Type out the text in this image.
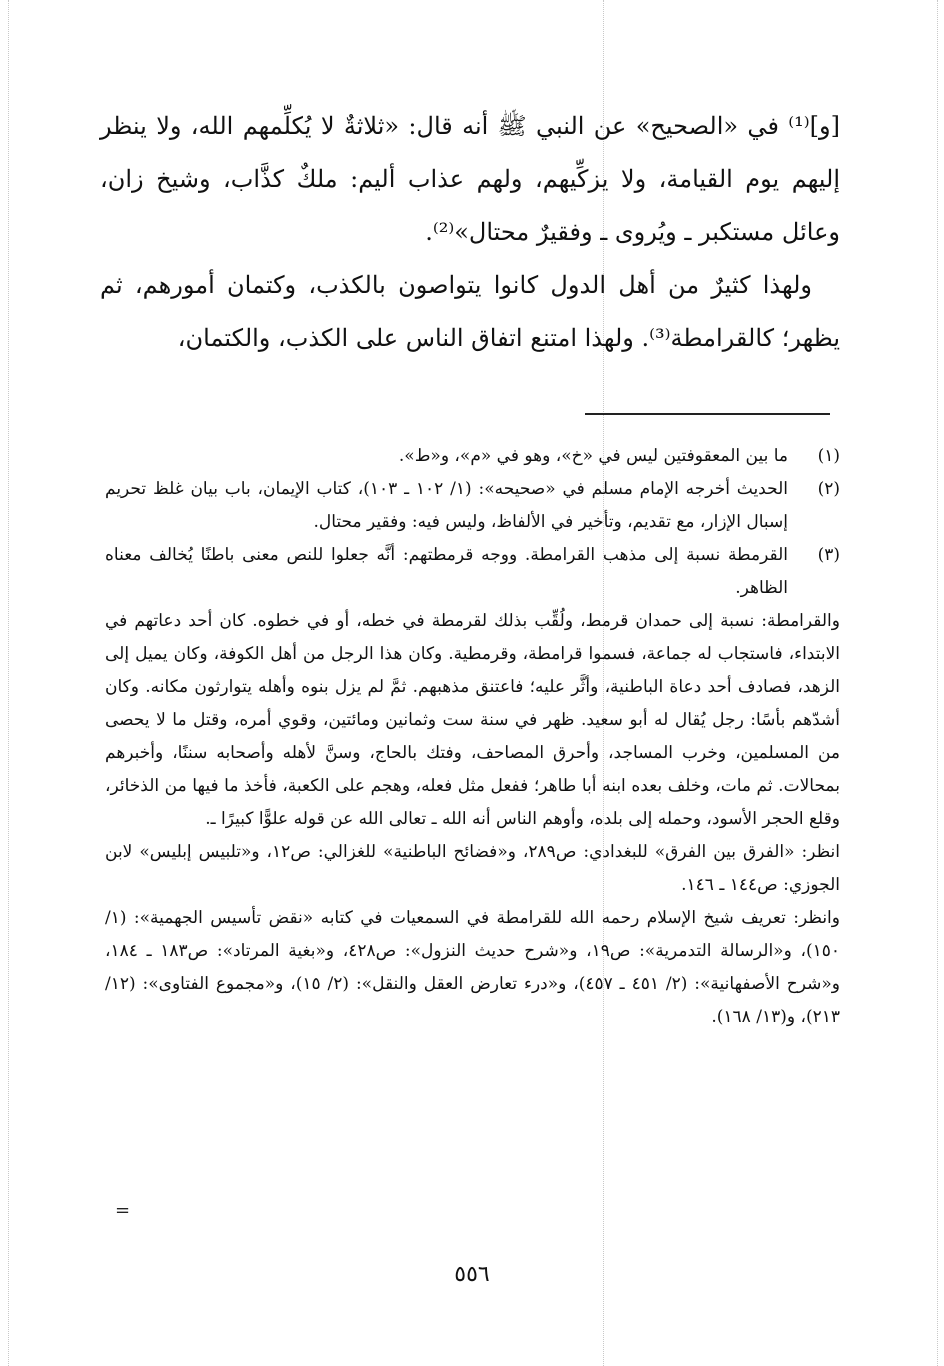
[و]⁽¹⁾ في «الصحيح» عن النبي ﷺ أنه قال: «ثلاثةٌ لا يُكلِّمهم الله، ولا ينظر إليهم يوم القيامة، ولا يزكِّيهم، ولهم عذاب أليم: ملكٌ كذَّاب، وشيخ زان، وعائل مستكبر ـ ويُروى ـ وفقيرٌ محتال»⁽²⁾.

ولهذا كثيرٌ من أهل الدول كانوا يتواصون بالكذب، وكتمان أمورهم، ثم يظهر؛ كالقرامطة⁽³⁾. ولهذا امتنع اتفاق الناس على الكذب، والكتمان،

(١)
ما بين المعقوفتين ليس في «خ»، وهو في «م»، و«ط».
(٢)
الحديث أخرجه الإمام مسلم في «صحيحه»: (١/ ١٠٢ ـ ١٠٣)، كتاب الإيمان، باب بيان غلظ تحريم إسبال الإزار، مع تقديم، وتأخير في الألفاظ، وليس فيه: وفقير محتال.
(٣)
القرمطة نسبة إلى مذهب القرامطة. ووجه قرمطتهم: أنَّه جعلوا للنص معنى باطنًا يُخالف معناه الظاهر.

والقرامطة: نسبة إلى حمدان قرمط، ولُقِّب بذلك لقرمطة في خطه، أو في خطوه. كان أحد دعاتهم في الابتداء، فاستجاب له جماعة، فسموا قرامطة، وقرمطية. وكان هذا الرجل من أهل الكوفة، وكان يميل إلى الزهد، فصادف أحد دعاة الباطنية، وأثَّر عليه؛ فاعتنق مذهبهم. ثمَّ لم يزل بنوه وأهله يتوارثون مكانه. وكان أشدّهم بأسًا: رجل يُقال له أبو سعيد. ظهر في سنة ست وثمانين ومائتين، وقوي أمره، وقتل ما لا يحصى من المسلمين، وخرب المساجد، وأحرق المصاحف، وفتك بالحاج، وسنَّ لأهله وأصحابه سننًا، وأخبرهم بمحالات. ثم مات، وخلف بعده ابنه أبا طاهر؛ ففعل مثل فعله، وهجم على الكعبة، فأخذ ما فيها من الذخائر، وقلع الحجر الأسود، وحمله إلى بلده، وأوهم الناس أنه الله ـ تعالى الله عن قوله علوًّا كبيرًا ـ.

انظر: «الفرق بين الفرق» للبغدادي: ص٢٨٩، و«فضائح الباطنية» للغزالي: ص١٢، و«تلبيس إبليس» لابن الجوزي: ص١٤٤ ـ ١٤٦.

وانظر: تعريف شيخ الإسلام رحمه الله للقرامطة في السمعيات في كتابه «نقض تأسيس الجهمية»: (١/ ١٥٠)، و«الرسالة التدمرية»: ص١٩، و«شرح حديث النزول»: ص٤٢٨، و«بغية المرتاد»: ص١٨٣ ـ ١٨٤، و«شرح الأصفهانية»: (٢/ ٤٥١ ـ ٤٥٧)، و«درء تعارض العقل والنقل»: (٢/ ١٥)، و«مجموع الفتاوى»: (١٢/ ٢١٣)، و(١٣/ ١٦٨).

=
٥٥٦
